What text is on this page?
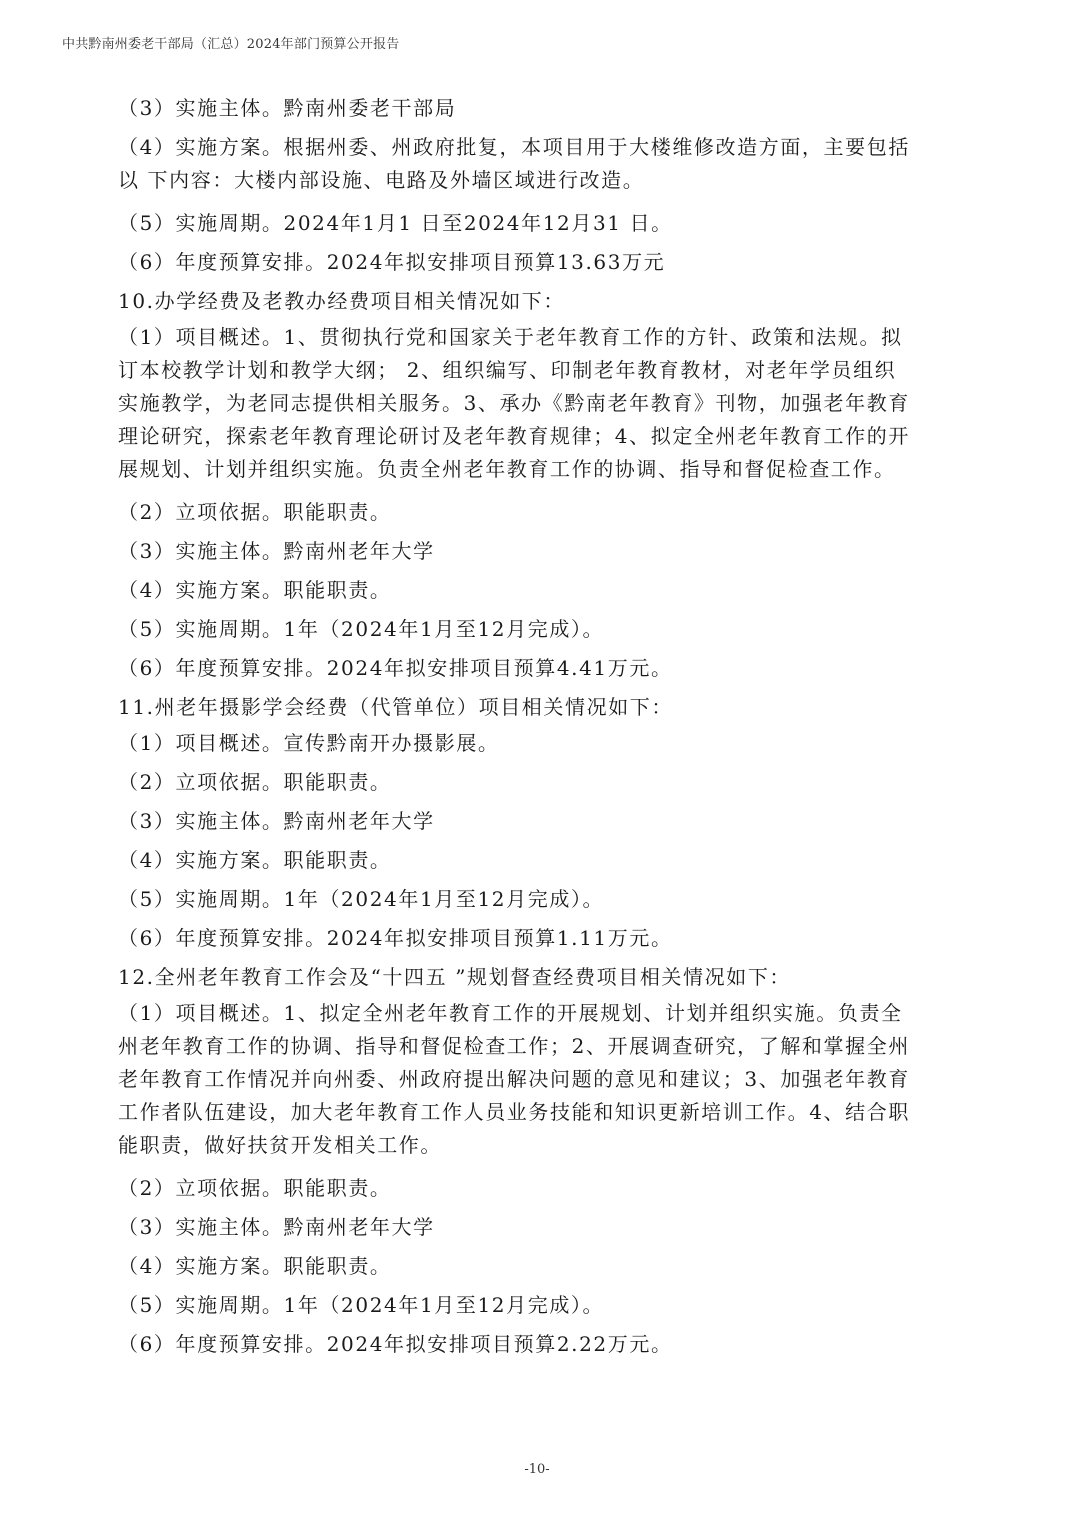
中共黔南州委老干部局（汇总）2024年部门预算公开报告
（3）实施主体。黔南州委老干部局
（4）实施方案。根据州委、州政府批复，本项目用于大楼维修改造方面，主要包括
以 下内容：大楼内部设施、电路及外墙区域进行改造。
（5）实施周期。2024年1月1 日至2024年12月31 日。
（6）年度预算安排。2024年拟安排项目预算13.63万元
10.办学经费及老教办经费项目相关情况如下：
（1）项目概述。1、贯彻执行党和国家关于老年教育工作的方针、政策和法规。拟
订本校教学计划和教学大纲； 2、组织编写、印制老年教育教材，对老年学员组织
实施教学，为老同志提供相关服务。3、承办《黔南老年教育》刊物，加强老年教育
理论研究，探索老年教育理论研讨及老年教育规律；4、拟定全州老年教育工作的开
展规划、计划并组织实施。负责全州老年教育工作的协调、指导和督促检查工作。
（2）立项依据。职能职责。
（3）实施主体。黔南州老年大学
（4）实施方案。职能职责。
（5）实施周期。1年（2024年1月至12月完成）。
（6）年度预算安排。2024年拟安排项目预算4.41万元。
11.州老年摄影学会经费（代管单位）项目相关情况如下：
（1）项目概述。宣传黔南开办摄影展。
（2）立项依据。职能职责。
（3）实施主体。黔南州老年大学
（4）实施方案。职能职责。
（5）实施周期。1年（2024年1月至12月完成）。
（6）年度预算安排。2024年拟安排项目预算1.11万元。
12.全州老年教育工作会及“十四五 ”规划督查经费项目相关情况如下：
（1）项目概述。1、拟定全州老年教育工作的开展规划、计划并组织实施。负责全
州老年教育工作的协调、指导和督促检查工作；2、开展调查研究，了解和掌握全州
老年教育工作情况并向州委、州政府提出解决问题的意见和建议；3、加强老年教育
工作者队伍建设，加大老年教育工作人员业务技能和知识更新培训工作。4、结合职
能职责，做好扶贫开发相关工作。
（2）立项依据。职能职责。
（3）实施主体。黔南州老年大学
（4）实施方案。职能职责。
（5）实施周期。1年（2024年1月至12月完成）。
（6）年度预算安排。2024年拟安排项目预算2.22万元。
-10-
